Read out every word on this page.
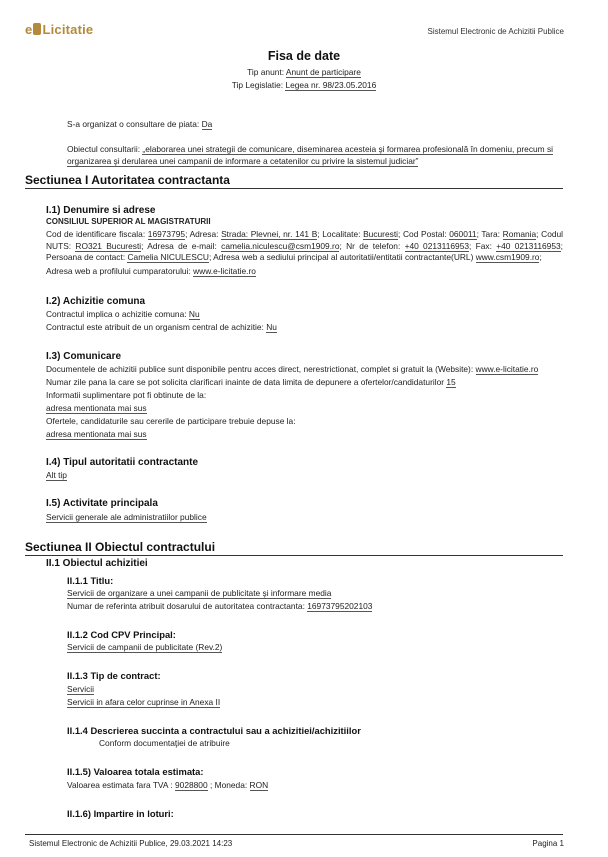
e Licitatie	Sistemul Electronic de Achizitii Publice
Fisa de date
Tip anunt: Anunt de participare
Tip Legislatie: Legea nr. 98/23.05.2016
S-a organizat o consultare de piata: Da
Obiectul consultarii: „elaborarea unei strategii de comunicare, diseminarea acesteia şi formarea profesională în domeniu, precum si
organizarea şi derularea unei campanii de informare a cetatenilor cu privire la sistemul judiciar”
Sectiunea I Autoritatea contractanta
I.1) Denumire si adrese
CONSILIUL SUPERIOR AL MAGISTRATURII
Cod de identificare fiscala: 16973795; Adresa: Strada: Plevnei, nr. 141 B; Localitate: Bucuresti; Cod Postal: 060011; Tara: Romania; Codul NUTS: RO321 Bucuresti; Adresa de e-mail: camelia.niculescu@csm1909.ro; Nr de telefon: +40 0213116953; Fax: +40 0213116953; Persoana de contact: Camelia NICULESCU; Adresa web a sediului principal al autoritatii/entitatii contractante(URL) www.csm1909.ro;
Adresa web a profilului cumparatorului: www.e-licitatie.ro
I.2) Achizitie comuna
Contractul implica o achizitie comuna: Nu
Contractul este atribuit de un organism central de achizitie: Nu
I.3) Comunicare
Documentele de achizitii publice sunt disponibile pentru acces direct, nerestrictionat, complet si gratuit la (Website): www.e-licitatie.ro
Numar zile pana la care se pot solicita clarificari inainte de data limita de depunere a ofertelor/candidaturilor 15
Informatii suplimentare pot fi obtinute de la:
adresa mentionata mai sus
Ofertele, candidaturile sau cererile de participare trebuie depuse la:
adresa mentionata mai sus
I.4) Tipul autoritatii contractante
Alt tip
I.5) Activitate principala
Servicii generale ale administratiilor publice
Sectiunea II Obiectul contractului
II.1 Obiectul achizitiei
II.1.1 Titlu:
Servicii de organizare a unei campanii de publicitate şi informare media
Numar de referinta atribuit dosarului de autoritatea contractanta: 16973795202103
II.1.2 Cod CPV Principal:
Servicii de campanii de publicitate (Rev.2)
II.1.3 Tip de contract:
Servicii
Servicii in afara celor cuprinse in Anexa II
II.1.4 Descrierea succinta a contractului sau a achizitiei/achizitiilor
Conform documentaţiei de atribuire
II.1.5) Valoarea totala estimata:
Valoarea estimata fara TVA : 9028800 ; Moneda: RON
II.1.6) Impartire in loturi:
Sistemul Electronic de Achizitii Publice, 29.03.2021 14:23	Pagina 1
